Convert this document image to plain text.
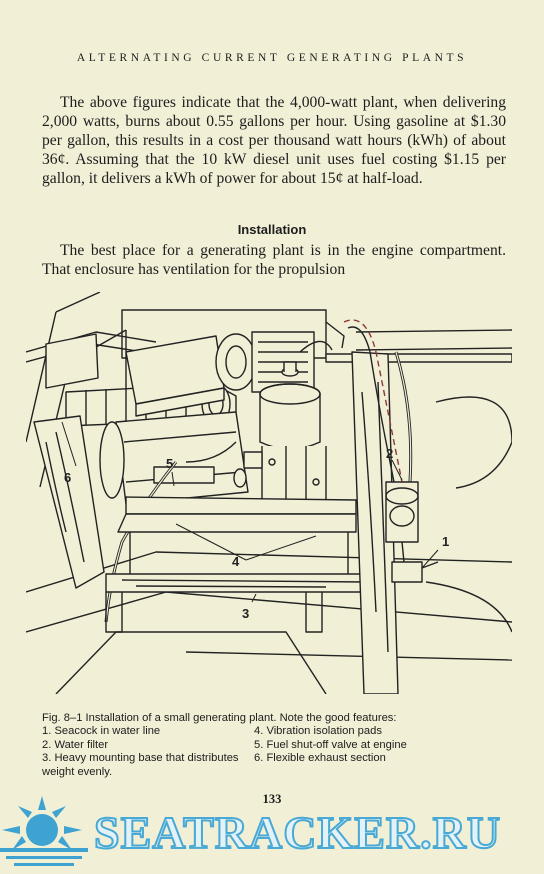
ALTERNATING CURRENT GENERATING PLANTS

The above figures indicate that the 4,000-watt plant, when delivering 2,000 watts, burns about 0.55 gallons per hour. Using gasoline at $1.30 per gallon, this results in a cost per thousand watt hours (kWh) of about 36¢. Assuming that the 10 kW diesel unit uses fuel costing $1.15 per gallon, it delivers a kWh of power for about 15¢ at half-load.

Installation

The best place for a generating plant is in the engine compartment. That enclosure has ventilation for the propulsion

1
2
3
4
5
6
Fig. 8–1 Installation of a small generating plant. Note the good features:
1. Seacock in water line
2. Water filter
3. Heavy mounting base that distributes weight evenly.
4. Vibration isolation pads
5. Fuel shut-off valve at engine
6. Flexible exhaust section
133
SEATRACKER.RU
